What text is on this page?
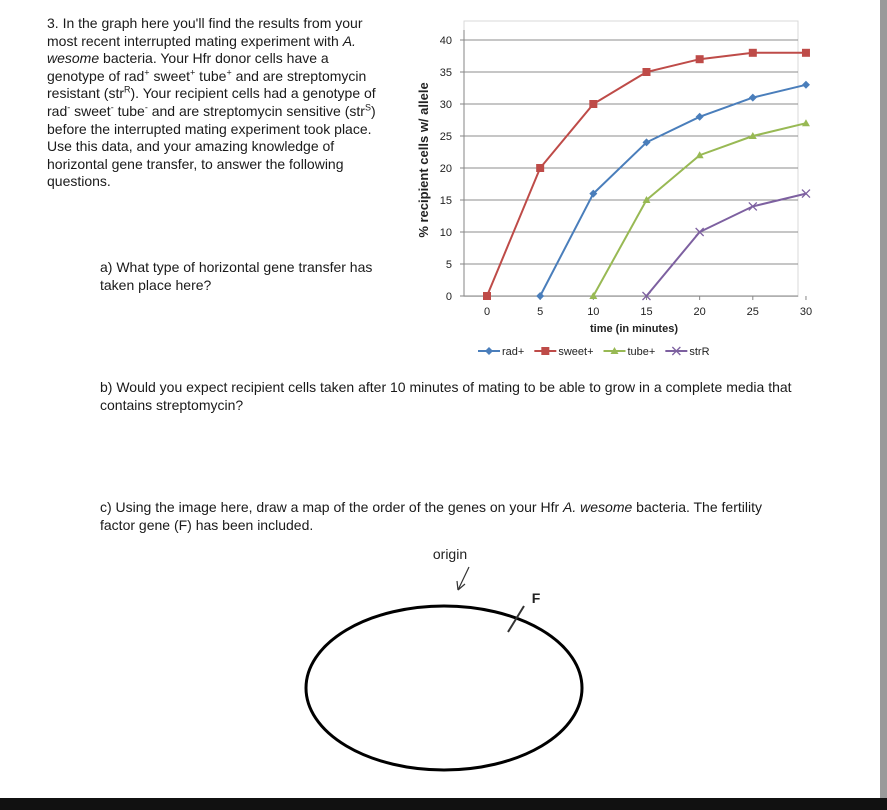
3. In the graph here you'll find the results from your most recent interrupted mating experiment with A. wesome bacteria. Your Hfr donor cells have a genotype of rad+ sweet+ tube+ and are streptomycin resistant (str$^R$). Your recipient cells had a genotype of rad- sweet- tube- and are streptomycin sensitive (str$^S$) before the interrupted mating experiment took place. Use this data, and your amazing knowledge of horizontal gene transfer, to answer the following questions.
a) What type of horizontal gene transfer has taken place here?
0
5
10
15
20
25
30
35
40
0	5	10	15	20	25	30
time (in minutes)
% recipient cells w/ allele
rad+	sweet+	tube+	strR
b) Would you expect recipient cells taken after 10 minutes of mating to be able to grow in a complete media that contains streptomycin?
c) Using the image here, draw a map of the order of the genes on your Hfr A. wesome bacteria. The fertility factor gene (F) has been included.
origin
F
